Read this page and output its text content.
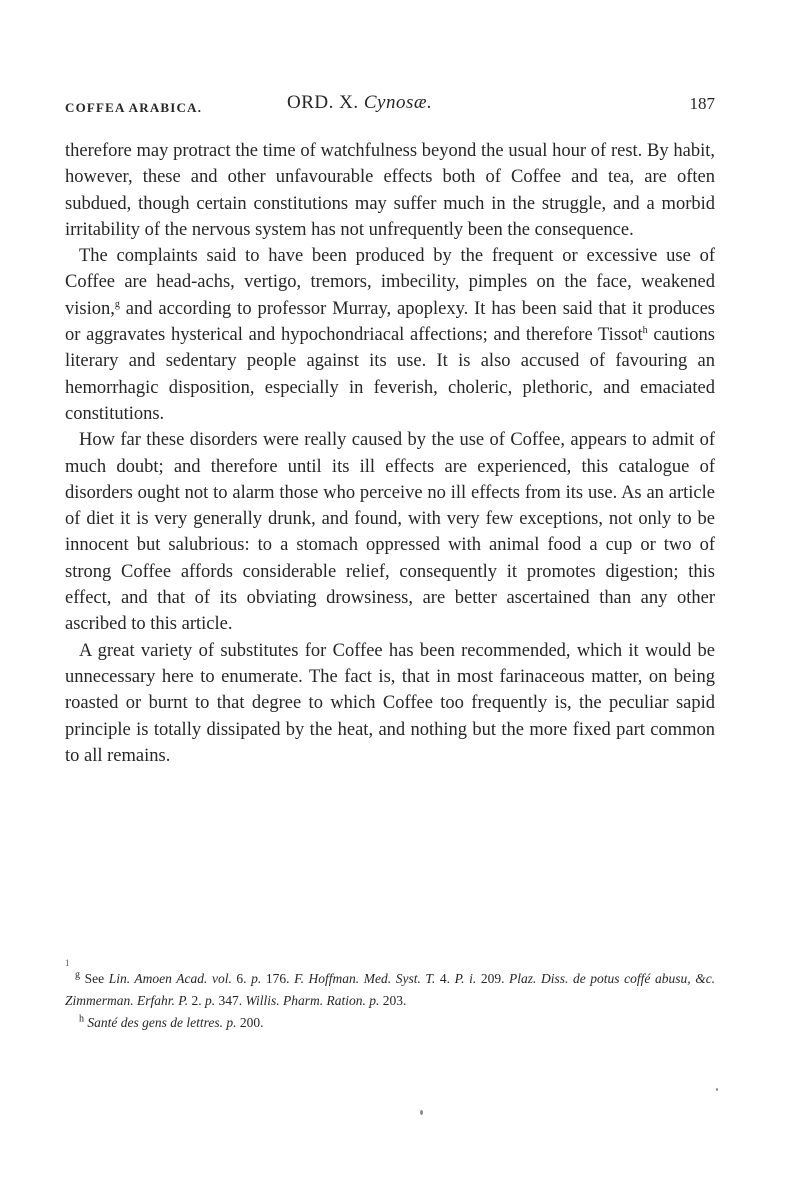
COFFEA ARABICA.	ORD. X. Cynosæ.	187

therefore may protract the time of watchfulness beyond the usual hour of rest. By habit, however, these and other unfavourable effects both of Coffee and tea, are often subdued, though certain constitutions may suffer much in the struggle, and a morbid irritability of the nervous system has not unfrequently been the consequence.

The complaints said to have been produced by the frequent or excessive use of Coffee are head-achs, vertigo, tremors, imbecility, pimples on the face, weakened vision,$^g$ and according to professor Murray, apoplexy. It has been said that it produces or aggravates hysterical and hypochondriacal affections; and therefore Tissot$^h$ cautions literary and sedentary people against its use. It is also accused of favouring an hemorrhagic disposition, especially in feverish, choleric, plethoric, and emaciated constitutions.

How far these disorders were really caused by the use of Coffee, appears to admit of much doubt; and therefore until its ill effects are experienced, this catalogue of disorders ought not to alarm those who perceive no ill effects from its use. As an article of diet it is very generally drunk, and found, with very few exceptions, not only to be innocent but salubrious: to a stomach oppressed with animal food a cup or two of strong Coffee affords considerable relief, consequently it promotes digestion; this effect, and that of its obviating drowsiness, are better ascertained than any other ascribed to this article.

A great variety of substitutes for Coffee has been recommended, which it would be unnecessary here to enumerate. The fact is, that in most farinaceous matter, on being roasted or burnt to that degree to which Coffee too frequently is, the peculiar sapid principle is totally dissipated by the heat, and nothing but the more fixed part common to all remains.

1

$^g$ See Lin. Amoen Acad. vol. 6. p. 176. F. Hoffman. Med. Syst. T. 4. P. i. 209. Plaz. Diss. de potus coffé abusu, &c. Zimmerman. Erfahr. P. 2. p. 347. Willis. Pharm. Ration. p. 203.

$^h$ Santé des gens de lettres. p. 200.
